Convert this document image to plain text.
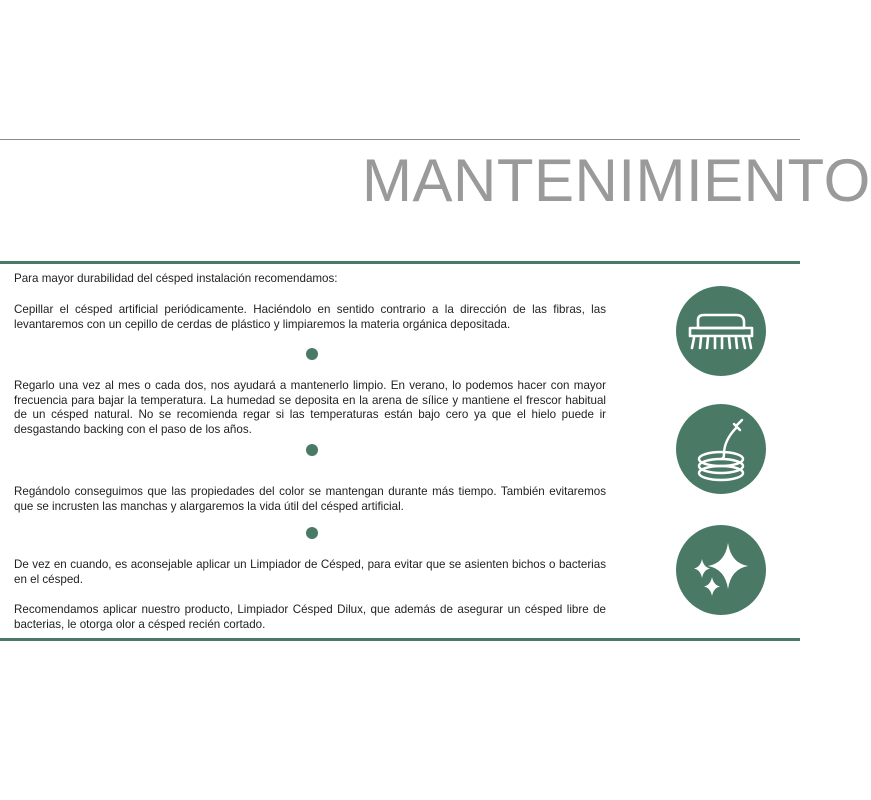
MANTENIMIENTO
Para mayor durabilidad del césped instalación recomendamos:
Cepillar el césped artificial periódicamente. Haciéndolo en sentido contrario a la dirección de las fibras, las levantaremos con un cepillo de cerdas de plástico y limpiaremos la materia orgánica depositada.
Regarlo una vez al mes o cada dos, nos ayudará a mantenerlo limpio. En verano, lo podemos hacer con mayor frecuencia para bajar la temperatura. La humedad se deposita en la arena de sílice y mantiene el frescor habitual de un césped natural. No se recomienda regar si las temperaturas están bajo cero ya que el hielo puede ir desgastando backing con el paso de los años.
Regándolo conseguimos que las propiedades del color se mantengan durante más tiempo. También evitaremos que se incrusten las manchas y alargaremos la vida útil del césped artificial.
De vez en cuando, es aconsejable aplicar un Limpiador de Césped, para evitar que se asienten bichos o bacterias en el césped.
Recomendamos aplicar nuestro producto, Limpiador Césped Dilux, que además de asegurar un césped libre de bacterias, le otorga olor a césped recién cortado.
